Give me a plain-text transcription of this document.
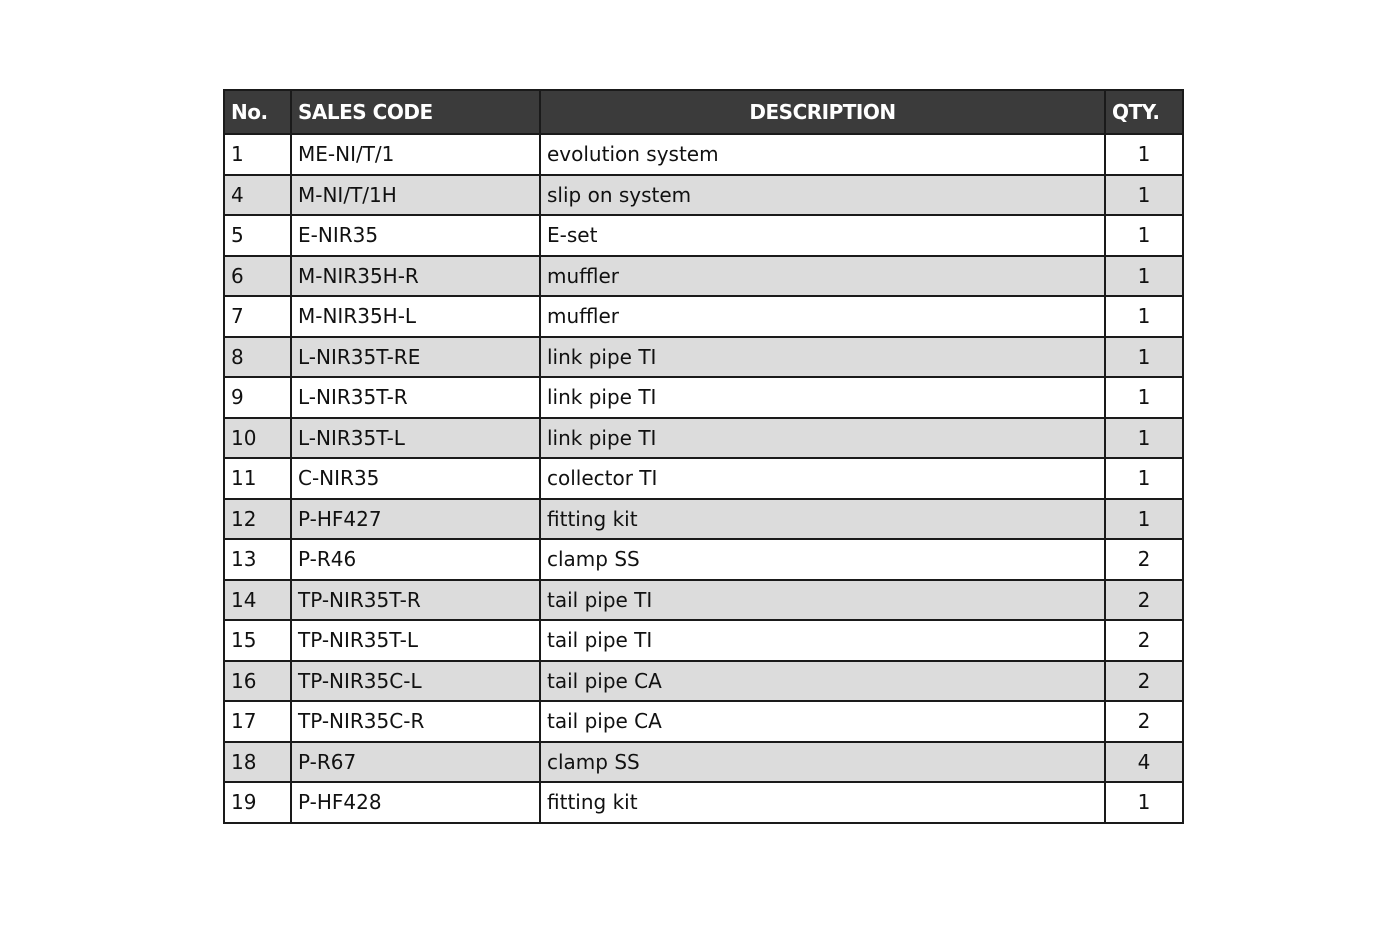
No.	SALES CODE	DESCRIPTION	QTY.
1	ME-NI/T/1	evolution system	1
4	M-NI/T/1H	slip on system	1
5	E-NIR35	E-set	1
6	M-NIR35H-R	muffler	1
7	M-NIR35H-L	muffler	1
8	L-NIR35T-RE	link pipe TI	1
9	L-NIR35T-R	link pipe TI	1
10	L-NIR35T-L	link pipe TI	1
11	C-NIR35	collector TI	1
12	P-HF427	fitting kit	1
13	P-R46	clamp SS	2
14	TP-NIR35T-R	tail pipe TI	2
15	TP-NIR35T-L	tail pipe TI	2
16	TP-NIR35C-L	tail pipe CA	2
17	TP-NIR35C-R	tail pipe CA	2
18	P-R67	clamp SS	4
19	P-HF428	fitting kit	1
